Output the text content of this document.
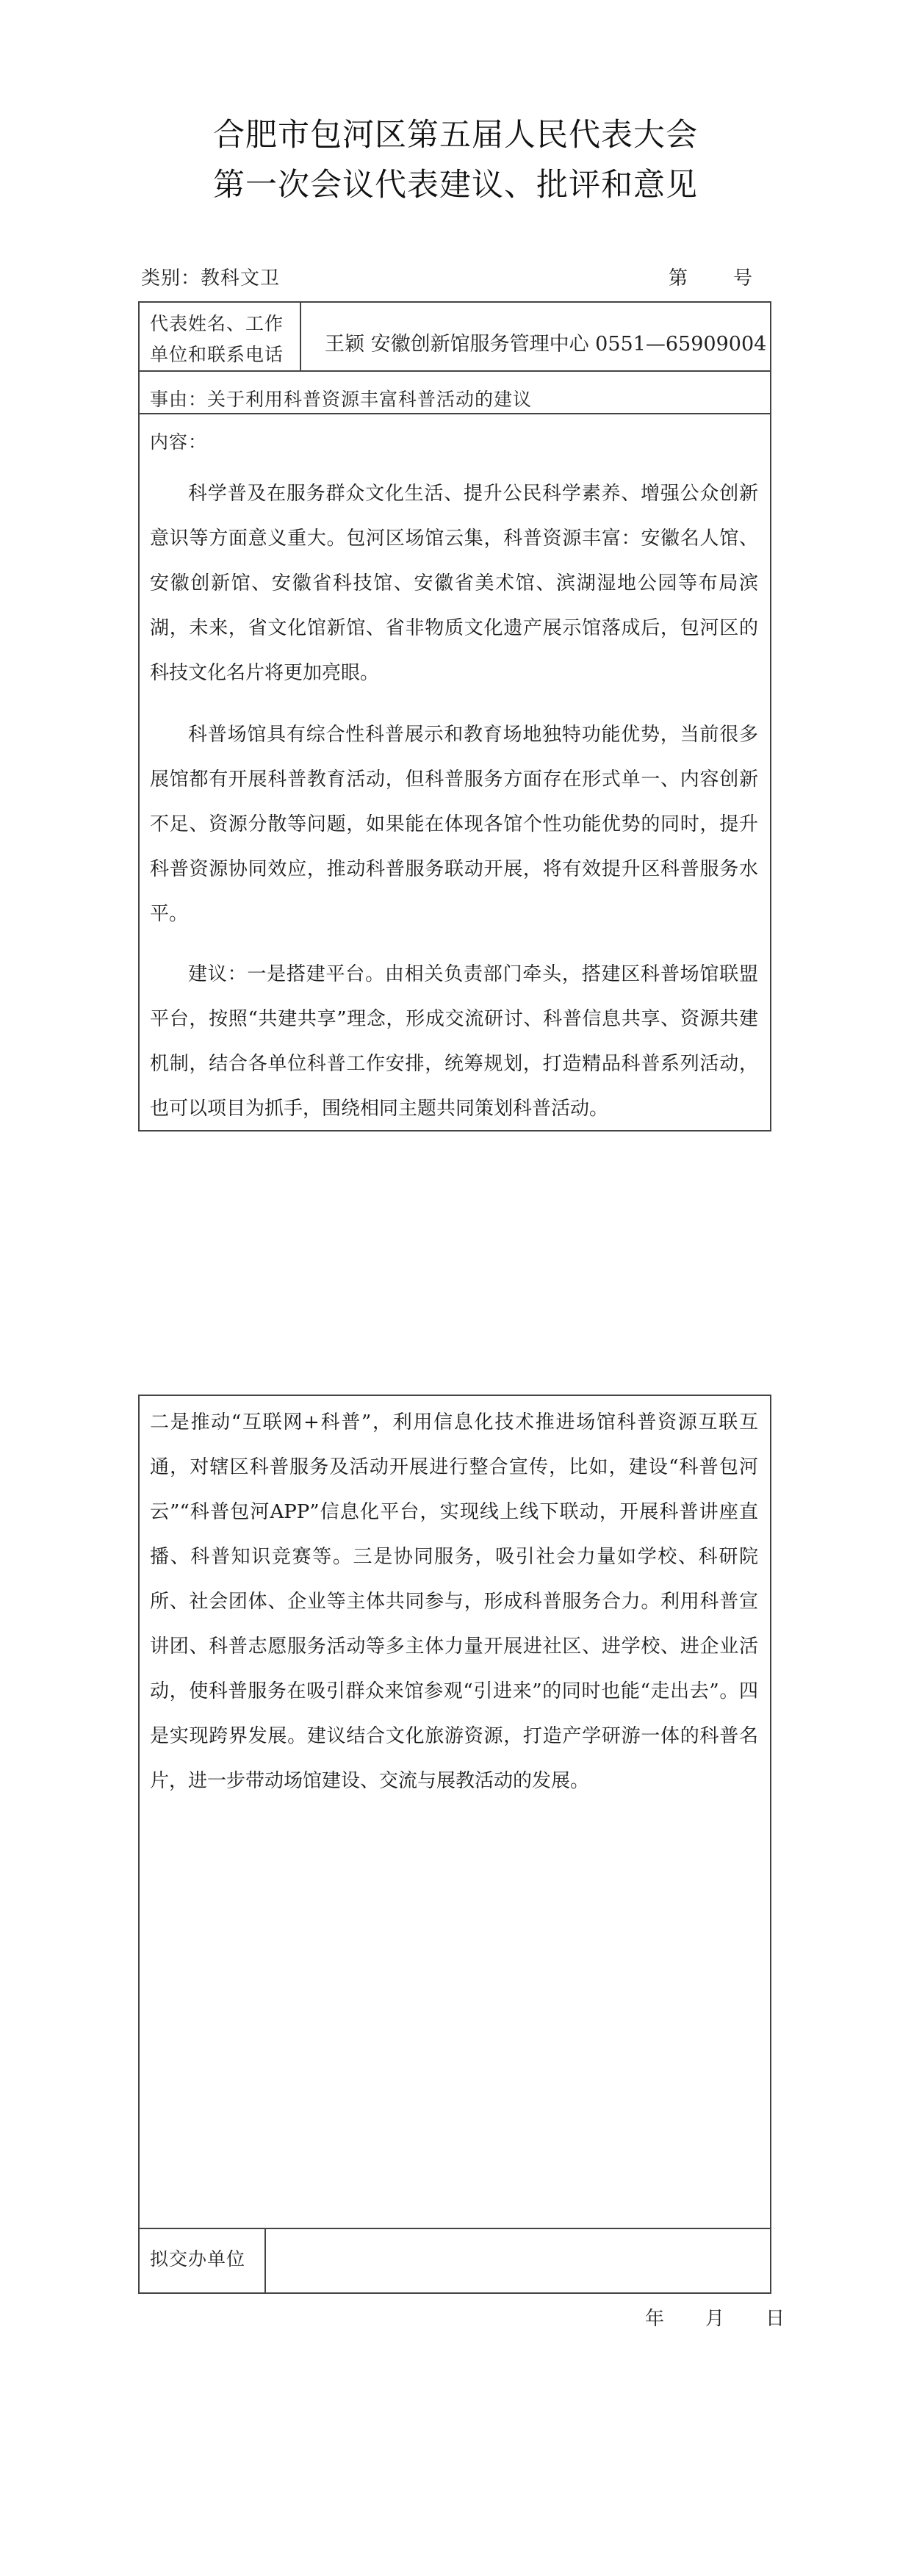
合肥市包河区第五届人民代表大会
第一次会议代表建议、批评和意见
类别：教科文卫	第 号
代表姓名、工作单位和联系电话	王颖 安徽创新馆服务管理中心 0551—65909004
事由：关于利用科普资源丰富科普活动的建议
内容：

科学普及在服务群众文化生活、提升公民科学素养、增强公众创新意识等方面意义重大。包河区场馆云集，科普资源丰富：安徽名人馆、安徽创新馆、安徽省科技馆、安徽省美术馆、滨湖湿地公园等布局滨湖，未来，省文化馆新馆、省非物质文化遗产展示馆落成后，包河区的科技文化名片将更加亮眼。

科普场馆具有综合性科普展示和教育场地独特功能优势，当前很多展馆都有开展科普教育活动，但科普服务方面存在形式单一、内容创新不足、资源分散等问题，如果能在体现各馆个性功能优势的同时，提升科普资源协同效应，推动科普服务联动开展，将有效提升区科普服务水平。

建议：一是搭建平台。由相关负责部门牵头，搭建区科普场馆联盟平台，按照“共建共享”理念，形成交流研讨、科普信息共享、资源共建机制，结合各单位科普工作安排，统筹规划，打造精品科普系列活动，也可以项目为抓手，围绕相同主题共同策划科普活动。

二是推动“互联网+科普”，利用信息化技术推进场馆科普资源互联互通，对辖区科普服务及活动开展进行整合宣传，比如，建设“科普包河云”“科普包河APP”信息化平台，实现线上线下联动，开展科普讲座直播、科普知识竞赛等。三是协同服务，吸引社会力量如学校、科研院所、社会团体、企业等主体共同参与，形成科普服务合力。利用科普宣讲团、科普志愿服务活动等多主体力量开展进社区、进学校、进企业活动，使科普服务在吸引群众来馆参观“引进来”的同时也能“走出去”。四是实现跨界发展。建议结合文化旅游资源，打造产学研游一体的科普名片，进一步带动场馆建设、交流与展教活动的发展。

拟交办单位
年 月 日
